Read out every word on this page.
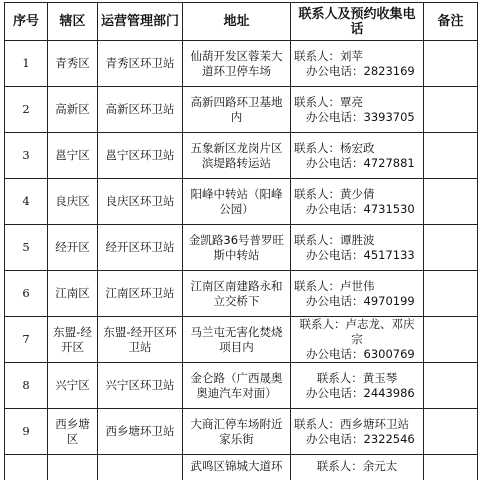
序号	辖区	运营管理部门	地址	联系人及预约收集电话	备注
1	青秀区	青秀区环卫站	仙葫开发区蓉茉大道环卫停车场	联系人：刘苹
办公电话：2823169	

2	高新区	高新区环卫站	高新四路环卫基地内	联系人：覃亮
办公电话：3393705	

3	邕宁区	邕宁区环卫站	五象新区龙岗片区滨堤路转运站	联系人：杨宏政
办公电话：4727881	

4	良庆区	良庆区环卫站	阳峰中转站（阳峰公园）	联系人：黄少倩
办公电话：4731530	

5	经开区	经开区环卫站	金凯路36号普罗旺斯中转站	联系人：谭胜波
办公电话：4517133	

6	江南区	江南区环卫站	江南区南建路永和立交桥下	联系人：卢世伟
办公电话：4970199	

7	东盟-经开区	东盟-经开区环卫站	马兰屯无害化焚烧项目内	联系人：卢志龙、邓庆宗
办公电话：6300769	

8	兴宁区	兴宁区环卫站	金仑路（广西晟奥奥迪汽车对面）	联系人：黄玉琴
办公电话：2443986	

9	西乡塘区	西乡塘环卫站	大商汇停车场附近家乐街	联系人：西乡塘环卫站
办公电话：2322546	

			武鸣区锦城大道环	联系人：余元太	
